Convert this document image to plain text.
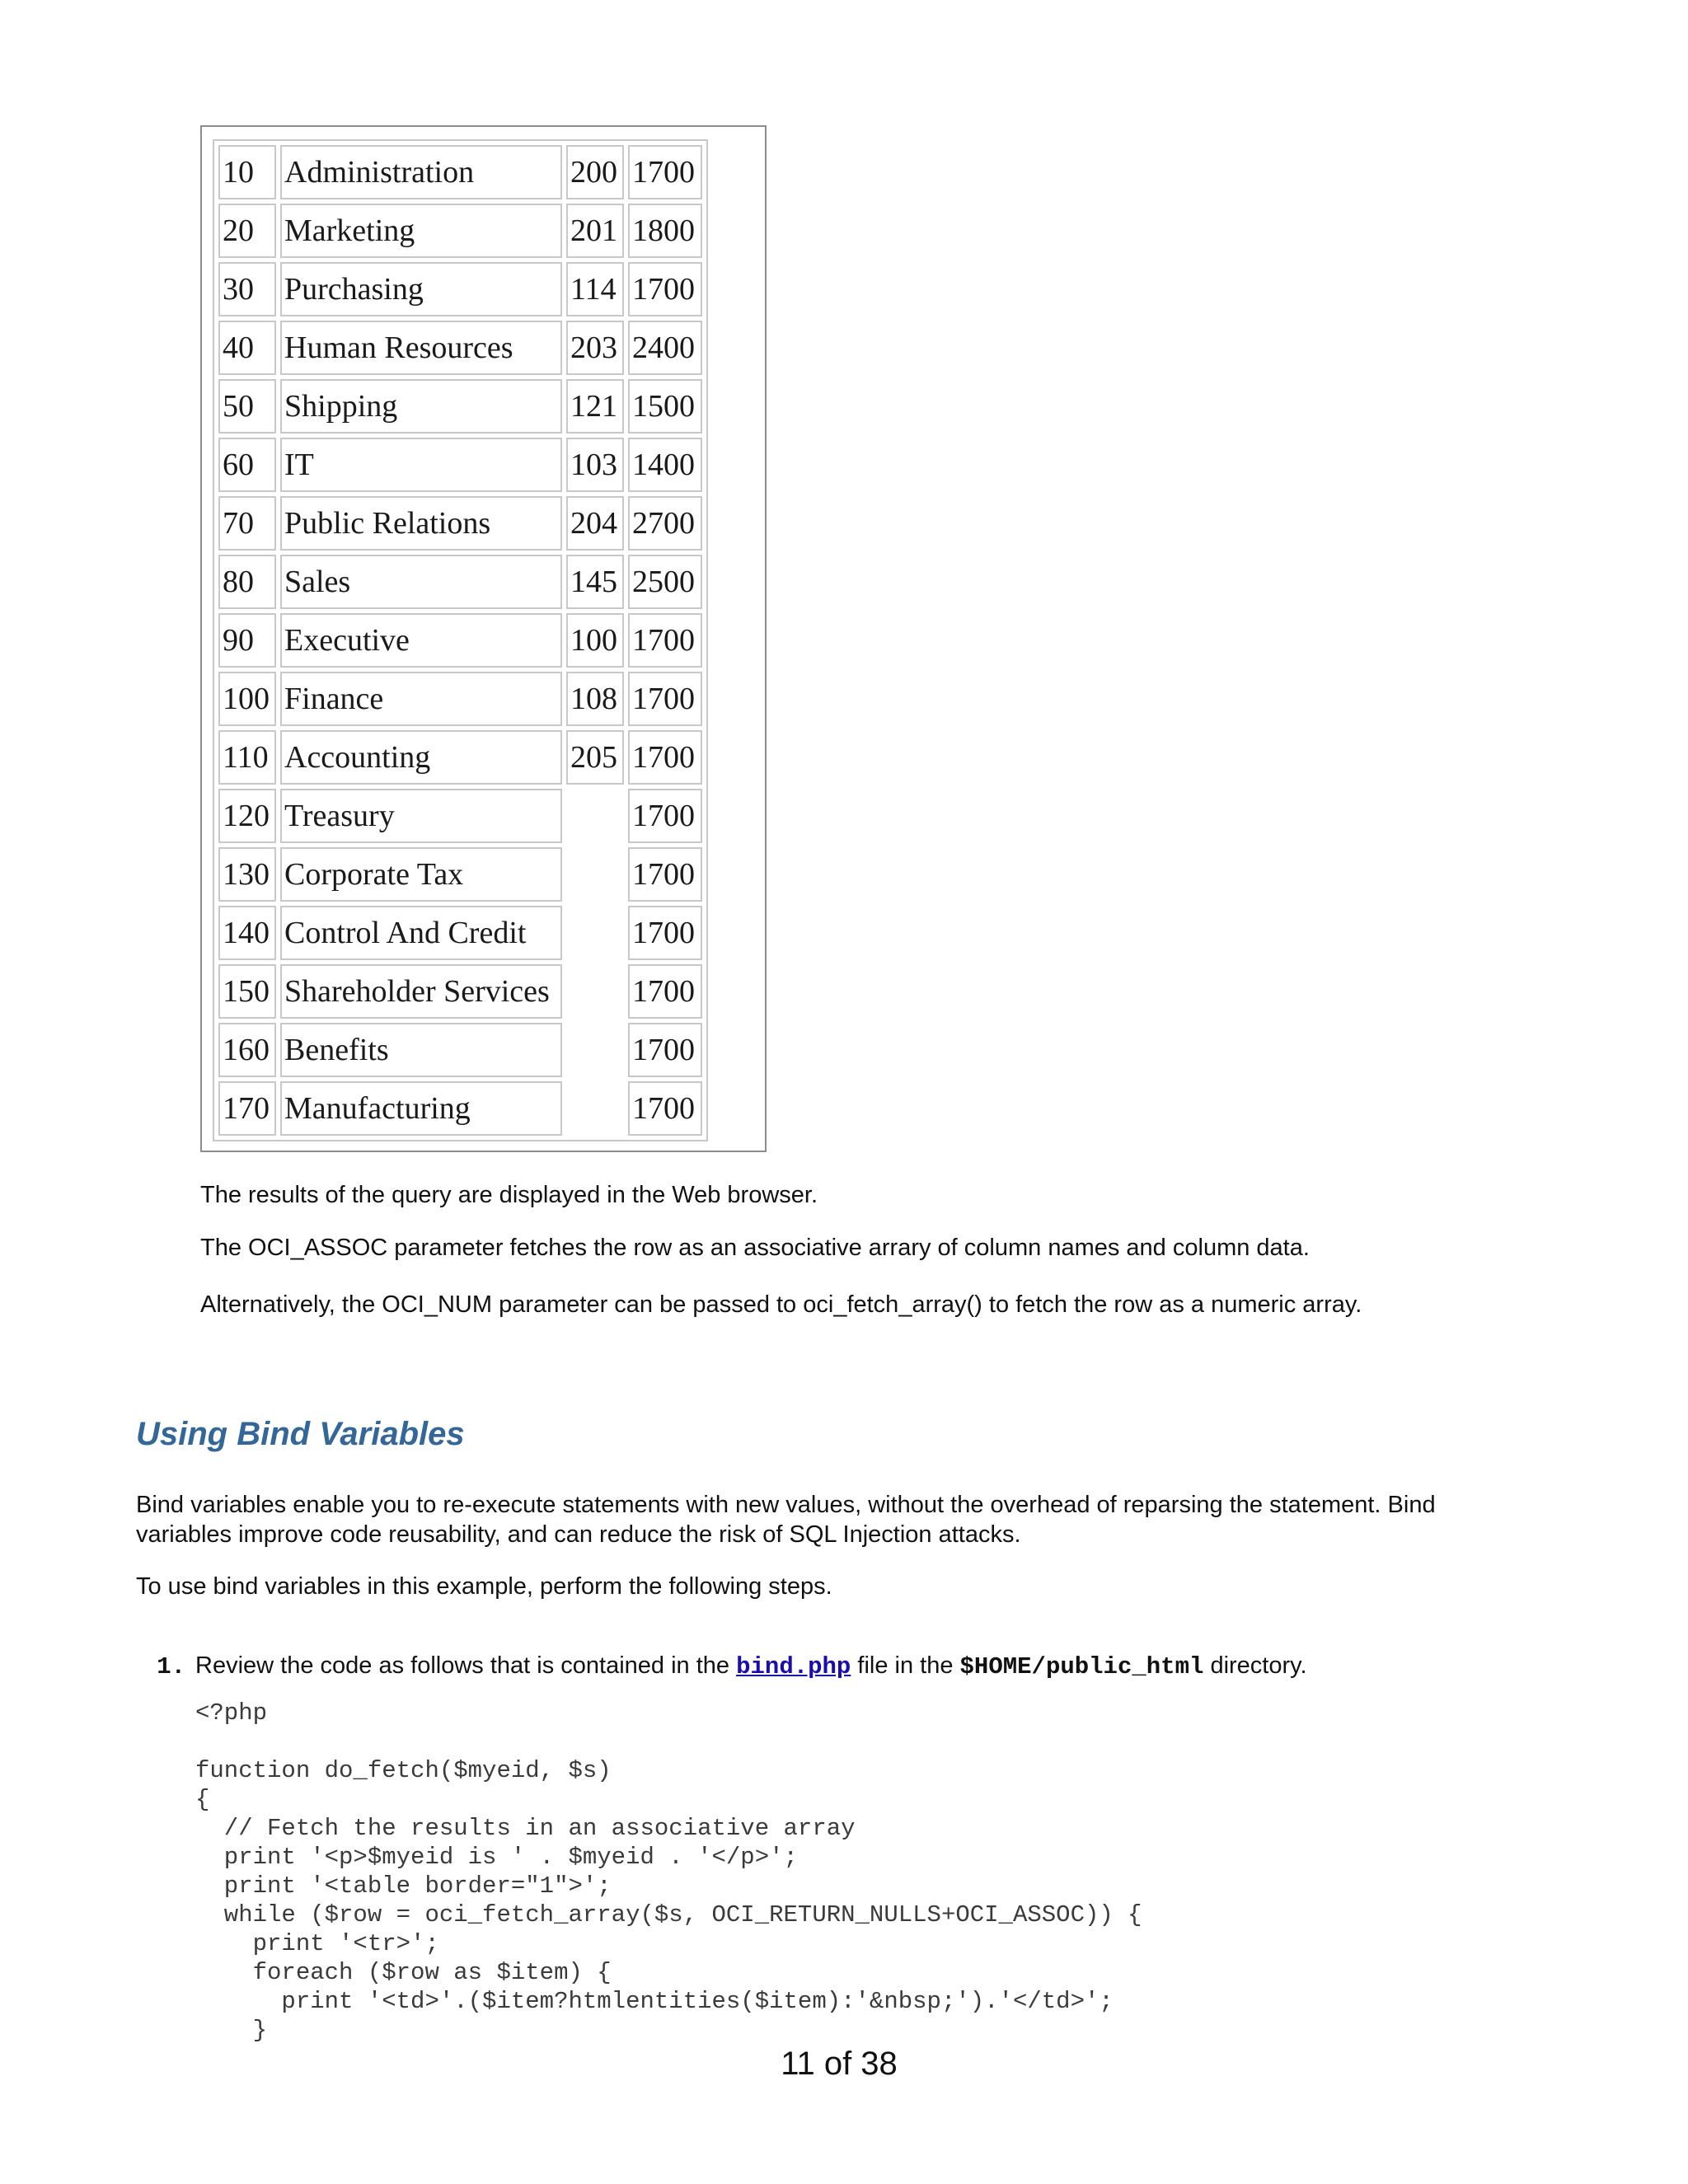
10	Administration	200	1700
20	Marketing	201	1800
30	Purchasing	114	1700
40	Human Resources	203	2400
50	Shipping	121	1500
60	IT	103	1400
70	Public Relations	204	2700
80	Sales	145	2500
90	Executive	100	1700
100	Finance	108	1700
110	Accounting	205	1700
120	Treasury		1700
130	Corporate Tax		1700
140	Control And Credit		1700
150	Shareholder Services		1700
160	Benefits		1700
170	Manufacturing		1700

The results of the query are displayed in the Web browser.

The OCI_ASSOC parameter fetches the row as an associative arrary of column names and column data.

Alternatively, the OCI_NUM parameter can be passed to oci_fetch_array() to fetch the row as a numeric array.

Using Bind Variables

Bind variables enable you to re-execute statements with new values, without the overhead of reparsing the statement. Bind variables improve code reusability, and can reduce the risk of SQL Injection attacks.

To use bind variables in this example, perform the following steps.

1. Review the code as follows that is contained in the bind.php file in the $HOME/public_html directory.
<?php

function do_fetch($myeid, $s)
{
// Fetch the results in an associative array
print '<p>$myeid is ' . $myeid . '</p>';
print '<table border="1">';
while ($row = oci_fetch_array($s, OCI_RETURN_NULLS+OCI_ASSOC)) {
print '<tr>';
foreach ($row as $item) {
print '<td>'.($item?htmlentities($item):'&nbsp;').'</td>';
}
11 of 38
